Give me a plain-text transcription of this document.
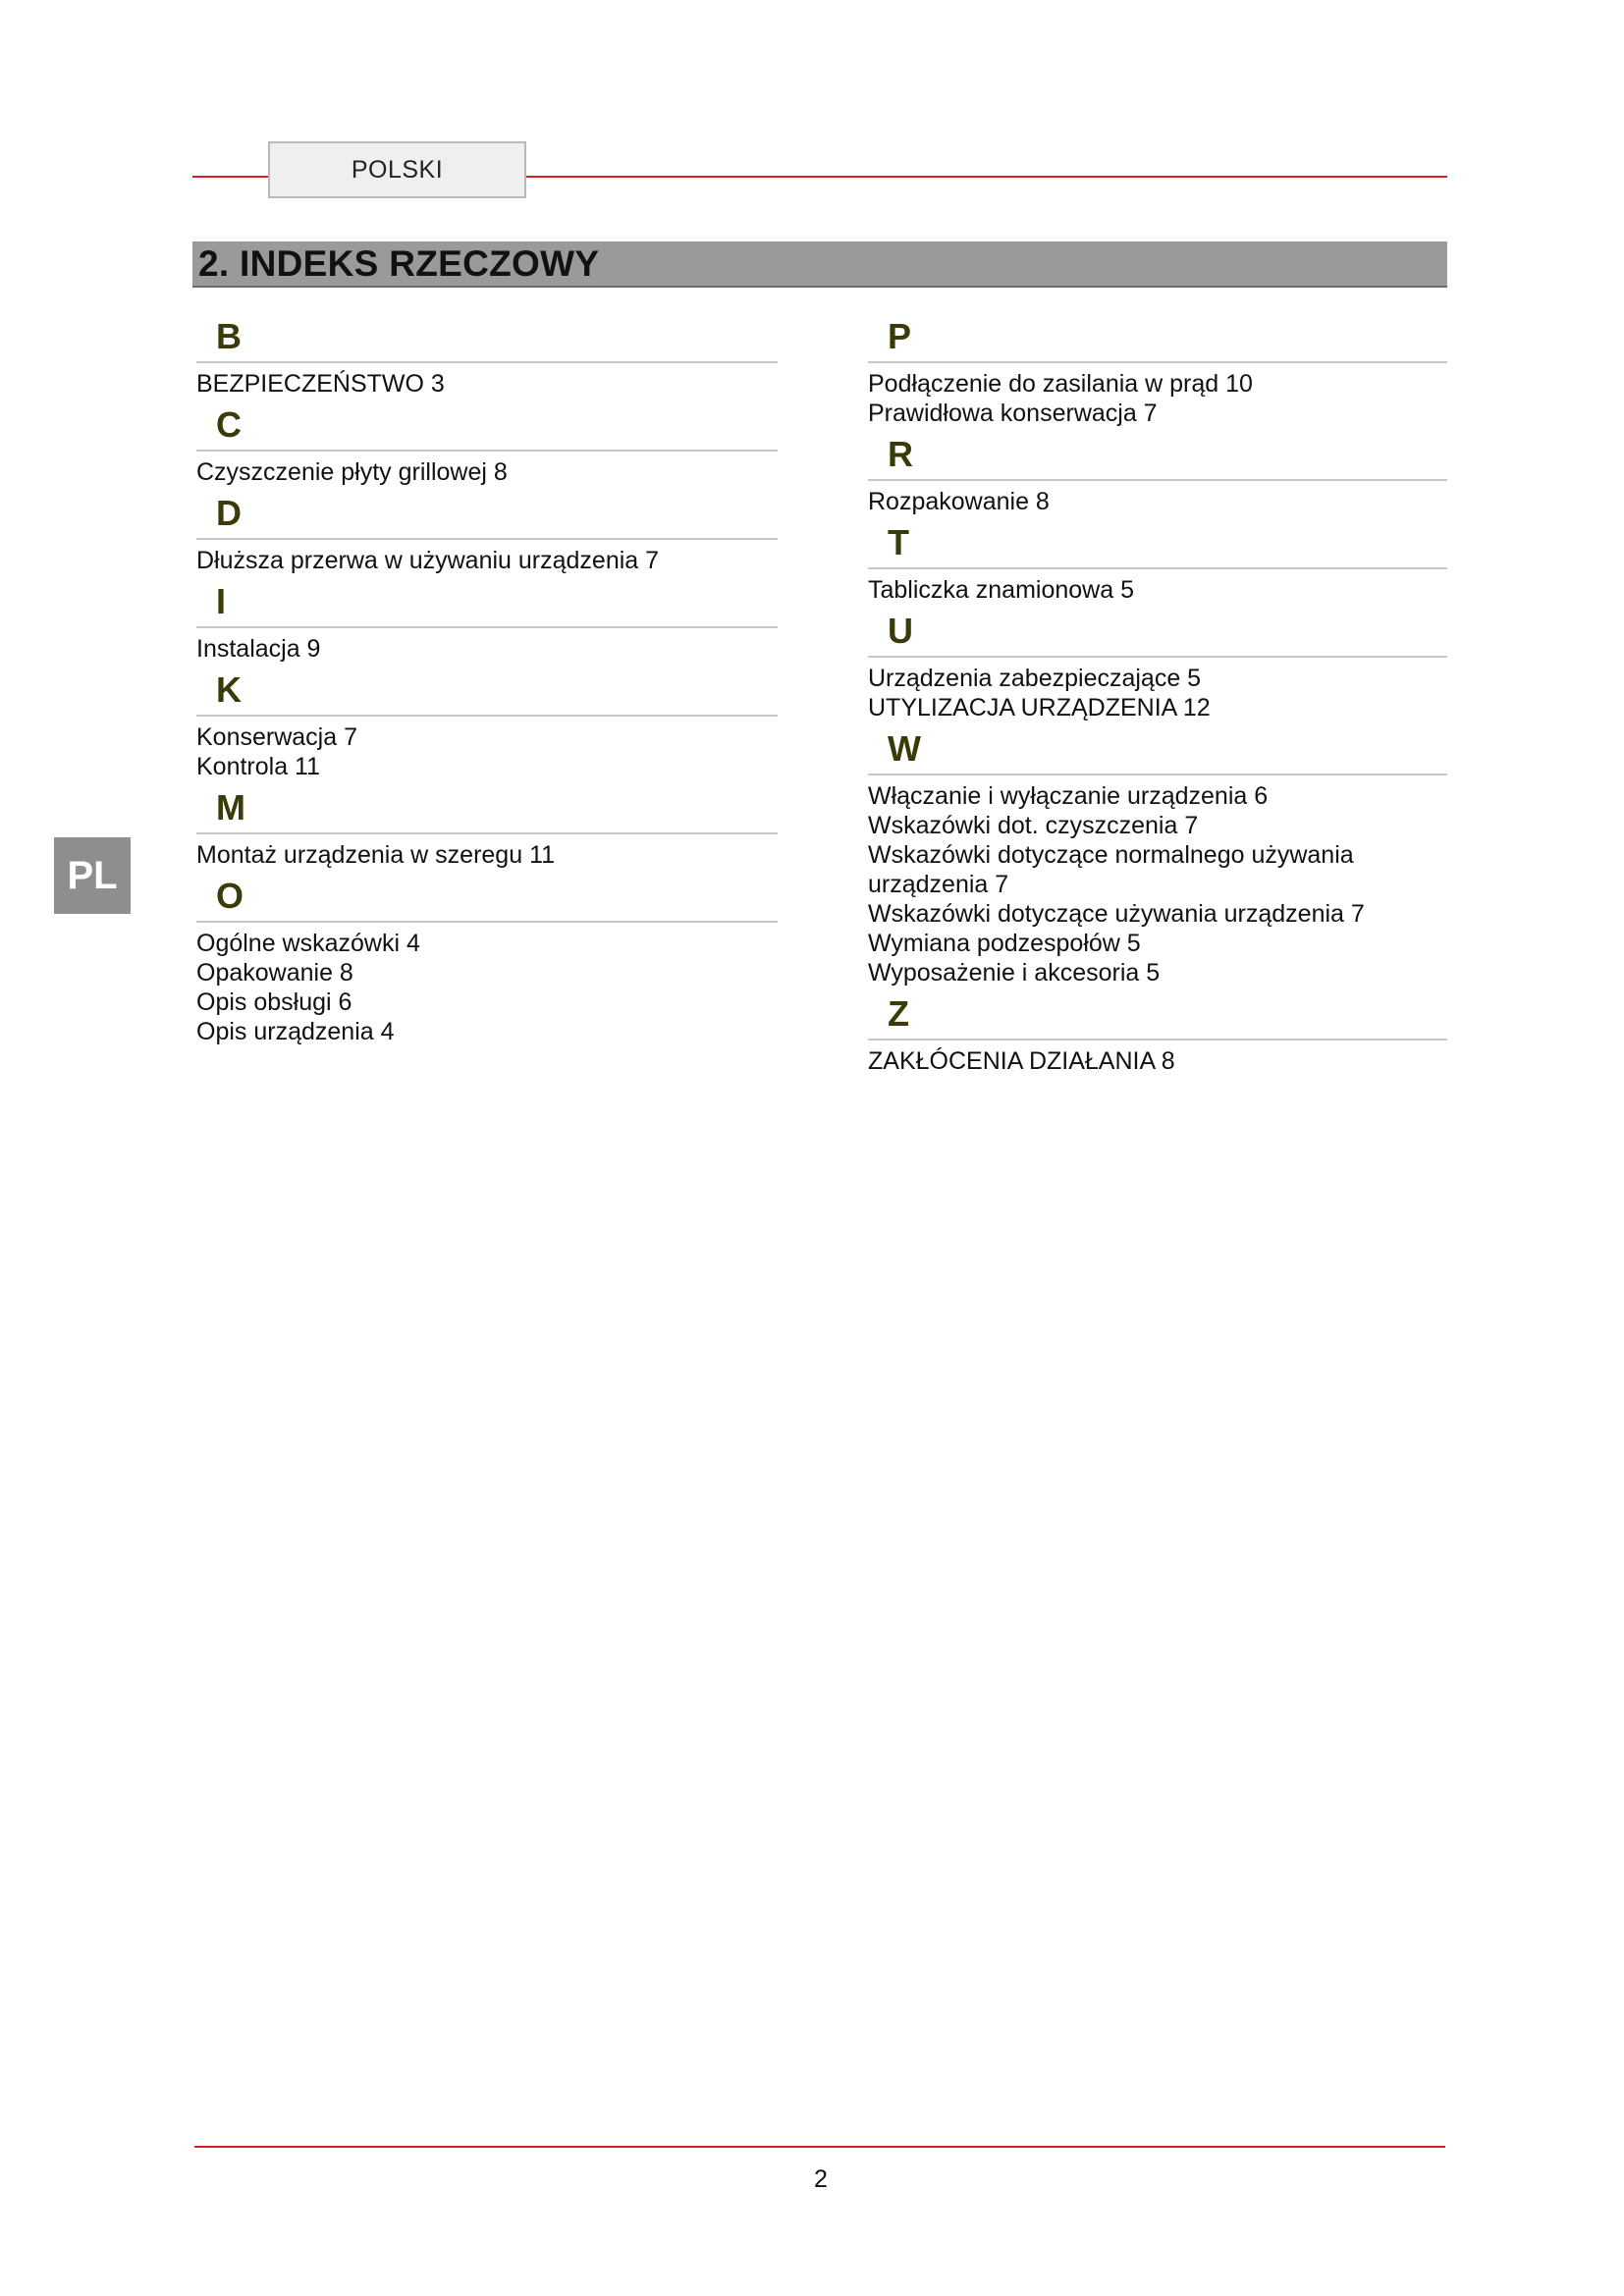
POLSKI
2. INDEKS RZECZOWY
PL
B
BEZPIECZEŃSTWO 3
C
Czyszczenie płyty grillowej 8
D
Dłuższa przerwa w używaniu urządzenia 7
I
Instalacja 9
K
Konserwacja 7
Kontrola 11
M
Montaż urządzenia w szeregu 11
O
Ogólne wskazówki 4
Opakowanie 8
Opis obsługi 6
Opis urządzenia 4
P
Podłączenie do zasilania w prąd 10
Prawidłowa konserwacja 7
R
Rozpakowanie 8
T
Tabliczka znamionowa 5
U
Urządzenia zabezpieczające 5
UTYLIZACJA URZĄDZENIA 12
W
Włączanie i wyłączanie urządzenia 6
Wskazówki dot. czyszczenia 7
Wskazówki dotyczące normalnego używania urządzenia 7
Wskazówki dotyczące używania urządzenia 7
Wymiana podzespołów 5
Wyposażenie i akcesoria 5
Z
ZAKŁÓCENIA DZIAŁANIA 8
2
